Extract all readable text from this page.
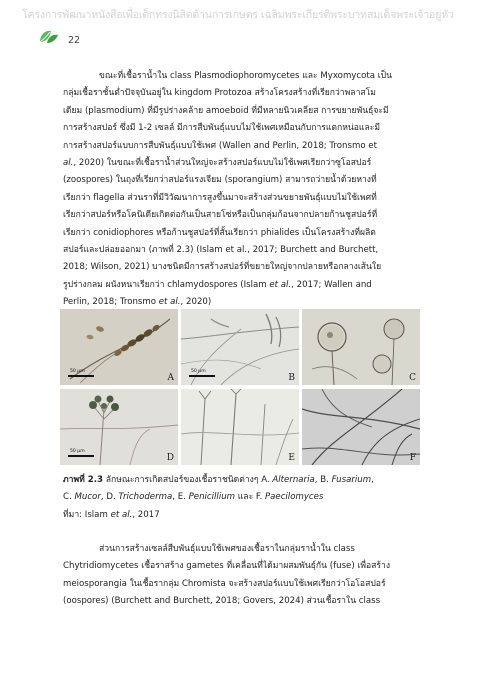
โครงการพัฒนาหนังสือเพื่อเด็กทรงนิสิตด้านการเกษตร เฉลิมพระเกียรติพระบาทสมเด็จพระเจ้าอยู่หัว
22
ขณะที่เชื้อราน้ำใน class Plasmodiophoromycetes และ Myxomycota เป็น
กลุ่มเชื้อราชั้นต่ำปัจจุบันอยู่ใน kingdom Protozoa สร้างโครงสร้างที่เรียกว่าพลาสโม
เดียม (plasmodium) ที่มีรูปร่างคล้าย amoeboid ที่มีหลายนิวเคลียส การขยายพันธุ์จะมี
การสร้างสปอร์ ซึ่งมี 1-2 เซลล์ มีการสืบพันธุ์แบบไม่ใช้เพศเหมือนกับการแตกหน่อและมี
การสร้างสปอร์แบบการสืบพันธุ์แบบใช้เพศ (Wallen and Perlin, 2018; Tronsmo et
al., 2020) ในขณะที่เชื้อราน้ำส่วนใหญ่จะสร้างสปอร์แบบไม่ใช้เพศเรียกว่าซูโอสปอร์
(zoospores) ในถุงที่เรียกว่าสปอร์แรงเจียม (sporangium) สามารถว่ายน้ำด้วยหางที่
เรียกว่า flagella ส่วนราที่มีวิวัฒนาการสูงขึ้นมาจะสร้างส่วนขยายพันธุ์แบบไม่ใช้เพศที่
เรียกว่าสปอร์หรือโคนิเดียเกิดต่อกันเป็นสายโซ่หรือเป็นกลุ่มก้อนจากปลายก้านชูสปอร์ที่
เรียกว่า conidiophores หรือก้านชูสปอร์ที่สั้นเรียกว่า phialides เป็นโครงสร้างที่ผลิต
สปอร์และปล่อยออกมา (ภาพที่ 2.3) (Islam et al., 2017; Burchett and Burchett,
2018; Wilson, 2021) บางชนิดมีการสร้างสปอร์ที่ขยายใหญ่จากปลายหรือกลางเส้นใย
รูปร่างกลม ผนังหนาเรียกว่า chlamydospores (Islam et al., 2017; Wallen and
Perlin, 2018; Tronsmo et al., 2020)
50 µm
A
50 µm
B	C
50 µm
D	E	F
ภาพที่ 2.3 ลักษณะการเกิดสปอร์ของเชื้อราชนิดต่างๆ A. Alternaria, B. Fusarium,
C. Mucor, D. Trichoderma, E. Penicillium และ F. Paecilomyces
ที่มา: Islam et al., 2017
ส่วนการสร้างเซลล์สืบพันธุ์แบบใช้เพศของเชื้อราในกลุ่มราน้ำใน class
Chytridiomycetes เชื้อราสร้าง gametes ที่เคลื่อนที่ได้มาผสมพันธุ์กัน (fuse) เพื่อสร้าง
meiosporangia ในเชื้อรากลุ่ม Chromista จะสร้างสปอร์แบบใช้เพศเรียกว่าโอโอสปอร์
(oospores) (Burchett and Burchett, 2018; Govers, 2024) ส่วนเชื้อราใน class
